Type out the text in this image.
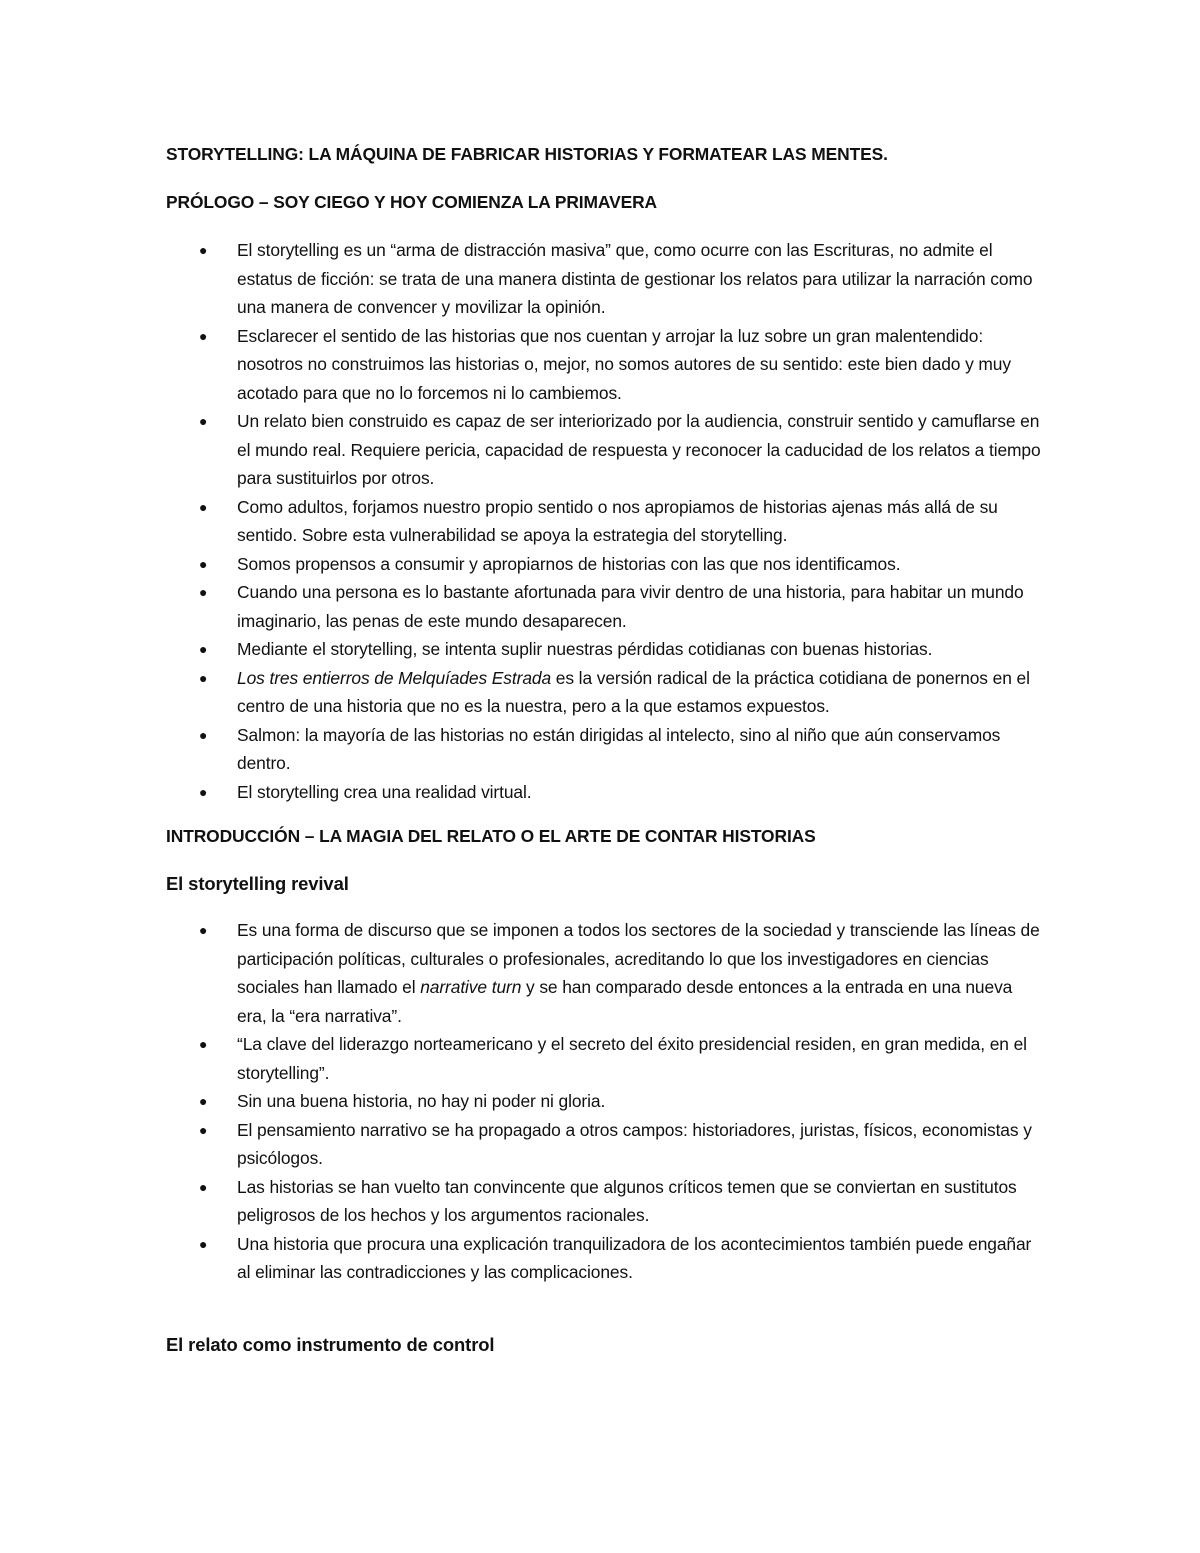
STORYTELLING: LA MÁQUINA DE FABRICAR HISTORIAS Y FORMATEAR LAS MENTES.
PRÓLOGO – SOY CIEGO Y HOY COMIENZA LA PRIMAVERA
● El storytelling es un “arma de distracción masiva” que, como ocurre con las Escrituras, no admite el estatus de ficción: se trata de una manera distinta de gestionar los relatos para utilizar la narración como una manera de convencer y movilizar la opinión.
● Esclarecer el sentido de las historias que nos cuentan y arrojar la luz sobre un gran malentendido: nosotros no construimos las historias o, mejor, no somos autores de su sentido: este bien dado y muy acotado para que no lo forcemos ni lo cambiemos.
● Un relato bien construido es capaz de ser interiorizado por la audiencia, construir sentido y camuflarse en el mundo real. Requiere pericia, capacidad de respuesta y reconocer la caducidad de los relatos a tiempo para sustituirlos por otros.
● Como adultos, forjamos nuestro propio sentido o nos apropiamos de historias ajenas más allá de su sentido. Sobre esta vulnerabilidad se apoya la estrategia del storytelling.
● Somos propensos a consumir y apropiarnos de historias con las que nos identificamos.
● Cuando una persona es lo bastante afortunada para vivir dentro de una historia, para habitar un mundo imaginario, las penas de este mundo desaparecen.
● Mediante el storytelling, se intenta suplir nuestras pérdidas cotidianas con buenas historias.
● Los tres entierros de Melquíades Estrada es la versión radical de la práctica cotidiana de ponernos en el centro de una historia que no es la nuestra, pero a la que estamos expuestos.
● Salmon: la mayoría de las historias no están dirigidas al intelecto, sino al niño que aún conservamos dentro.
● El storytelling crea una realidad virtual.
INTRODUCCIÓN – LA MAGIA DEL RELATO O EL ARTE DE CONTAR HISTORIAS
El storytelling revival
● Es una forma de discurso que se imponen a todos los sectores de la sociedad y transciende las líneas de participación políticas, culturales o profesionales, acreditando lo que los investigadores en ciencias sociales han llamado el narrative turn y se han comparado desde entonces a la entrada en una nueva era, la “era narrativa”.
● “La clave del liderazgo norteamericano y el secreto del éxito presidencial residen, en gran medida, en el storytelling”.
● Sin una buena historia, no hay ni poder ni gloria.
● El pensamiento narrativo se ha propagado a otros campos: historiadores, juristas, físicos, economistas y psicólogos.
● Las historias se han vuelto tan convincente que algunos críticos temen que se conviertan en sustitutos peligrosos de los hechos y los argumentos racionales.
● Una historia que procura una explicación tranquilizadora de los acontecimientos también puede engañar al eliminar las contradicciones y las complicaciones.
El relato como instrumento de control
